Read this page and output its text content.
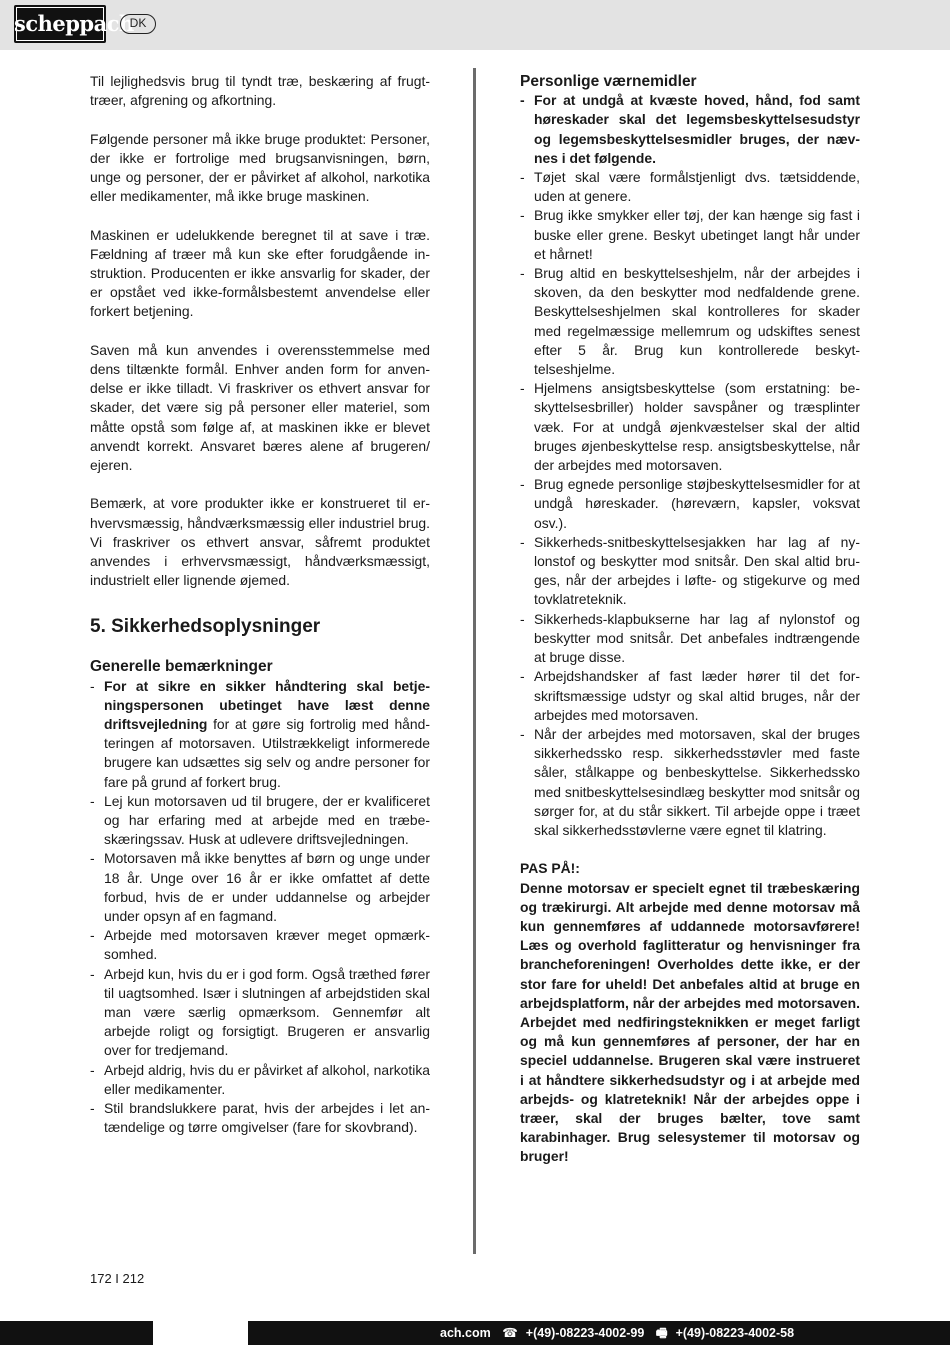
scheppach
DK

Til lejlighedsvis brug til tyndt træ, beskæring af frugttræer, afgrening og afkortning.

Følgende personer må ikke bruge produktet: Personer, der ikke er fortrolige med brugsanvisningen, børn, unge og personer, der er påvirket af alkohol, narkotika eller medikamenter, må ikke bruge maskinen.

Maskinen er udelukkende beregnet til at save i træ. Fældning af træer må kun ske efter forudgående instruktion. Producenten er ikke ansvarlig for skader, der er opstået ved ikke-formålsbestemt anvendelse eller forkert betjening.

Saven må kun anvendes i overensstemmelse med dens tiltænkte formål. Enhver anden form for anvendelse er ikke tilladt. Vi fraskriver os ethvert ansvar for skader, det være sig på personer eller materiel, som måtte opstå som følge af, at maskinen ikke er blevet anvendt korrekt. Ansvaret bæres alene af brugeren/ ejeren.

Bemærk, at vore produkter ikke er konstrueret til erhvervsmæssig, håndværksmæssig eller industriel brug. Vi fraskriver os ethvert ansvar, såfremt produktet anvendes i erhvervsmæssigt, håndværksmæssigt, industrielt eller lignende øjemed.

5. Sikkerhedsoplysninger
Generelle bemærkninger
- For at sikre en sikker håndtering skal betjeningspersonen ubetinget have læst denne driftsvejledning for at gøre sig fortrolig med håndteringen af motorsaven. Utilstrækkeligt informerede brugere kan udsættes sig selv og andre personer for fare på grund af forkert brug.
- Lej kun motorsaven ud til brugere, der er kvalificeret og har erfaring med at arbejde med en træbeskæringssav. Husk at udlevere driftsvejledningen.
- Motorsaven må ikke benyttes af børn og unge under 18 år. Unge over 16 år er ikke omfattet af dette forbud, hvis de er under uddannelse og arbejder under opsyn af en fagmand.
- Arbejde med motorsaven kræver meget opmærksomhed.
- Arbejd kun, hvis du er i god form. Også træthed fører til uagtsomhed. Især i slutningen af arbejdstiden skal man være særlig opmærksom. Gennemfør alt arbejde roligt og forsigtigt. Brugeren er ansvarlig over for tredjemand.
- Arbejd aldrig, hvis du er påvirket af alkohol, narkotika eller medikamenter.
- Stil brandslukkere parat, hvis der arbejdes i let antændelige og tørre omgivelser (fare for skovbrand).
Personlige værnemidler
- For at undgå at kvæste hoved, hånd, fod samt høreskader skal det legemsbeskyttelsesudstyr og legemsbeskyttelsesmidler bruges, der nævnes i det følgende.
- Tøjet skal være formålstjenligt dvs. tætsiddende, uden at genere.
- Brug ikke smykker eller tøj, der kan hænge sig fast i buske eller grene. Beskyt ubetinget langt hår under et hårnet!
- Brug altid en beskyttelseshjelm, når der arbejdes i skoven, da den beskytter mod nedfaldende grene. Beskyttelseshjelmen skal kontrolleres for skader med regelmæssige mellemrum og udskiftes senest efter 5 år. Brug kun kontrollerede beskyttelseshjelme.
- Hjelmens ansigtsbeskyttelse (som erstatning: beskyttelsesbriller) holder savspåner og træsplinter væk. For at undgå øjenkvæstelser skal der altid bruges øjenbeskyttelse resp. ansigtsbeskyttelse, når der arbejdes med motorsaven.
- Brug egnede personlige støjbeskyttelsesmidler for at undgå høreskader. (høreværn, kapsler, voksvat osv.).
- Sikkerheds-snitbeskyttelsesjakken har lag af nylonstof og beskytter mod snitsår. Den skal altid bruges, når der arbejdes i løfte- og stigekurve og med tovklatreteknik.
- Sikkerheds-klapbukserne har lag af nylonstof og beskytter mod snitsår. Det anbefales indtrængende at bruge disse.
- Arbejdshandsker af fast læder hører til det forskriftsmæssige udstyr og skal altid bruges, når der arbejdes med motorsaven.
- Når der arbejdes med motorsaven, skal der bruges sikkerhedssko resp. sikkerhedsstøvler med faste såler, stålkappe og benbeskyttelse. Sikkerhedssko med snitbeskyttelsesindlæg beskytter mod snitsår og sørger for, at du står sikkert. Til arbejde oppe i træet skal sikkerhedsstøvlerne være egnet til klatring.
PAS PÅ!:
Denne motorsav er specielt egnet til træbeskæring og trækirurgi. Alt arbejde med denne motorsav må kun gennemføres af uddannede motorsavførere! Læs og overhold faglitteratur og henvisninger fra brancheforeningen! Overholdes dette ikke, er der stor fare for uheld! Det anbefales altid at bruge en arbejdsplatform, når der arbejdes med motorsaven. Arbejdet med nedfiringsteknikken er meget farligt og må kun gennemføres af personer, der har en speciel uddannelse. Brugeren skal være instrueret i at håndtere sikkerhedsudstyr og i at arbejde med arbejds- og klatreteknik! Når der arbejdes oppe i træer, skal der bruges bælter, tove samt karabinhager. Brug selesystemer til motorsav og bruger!
172 I 212
ach.com ☎ +(49)-08223-4002-99 🖷 +(49)-08223-4002-58
